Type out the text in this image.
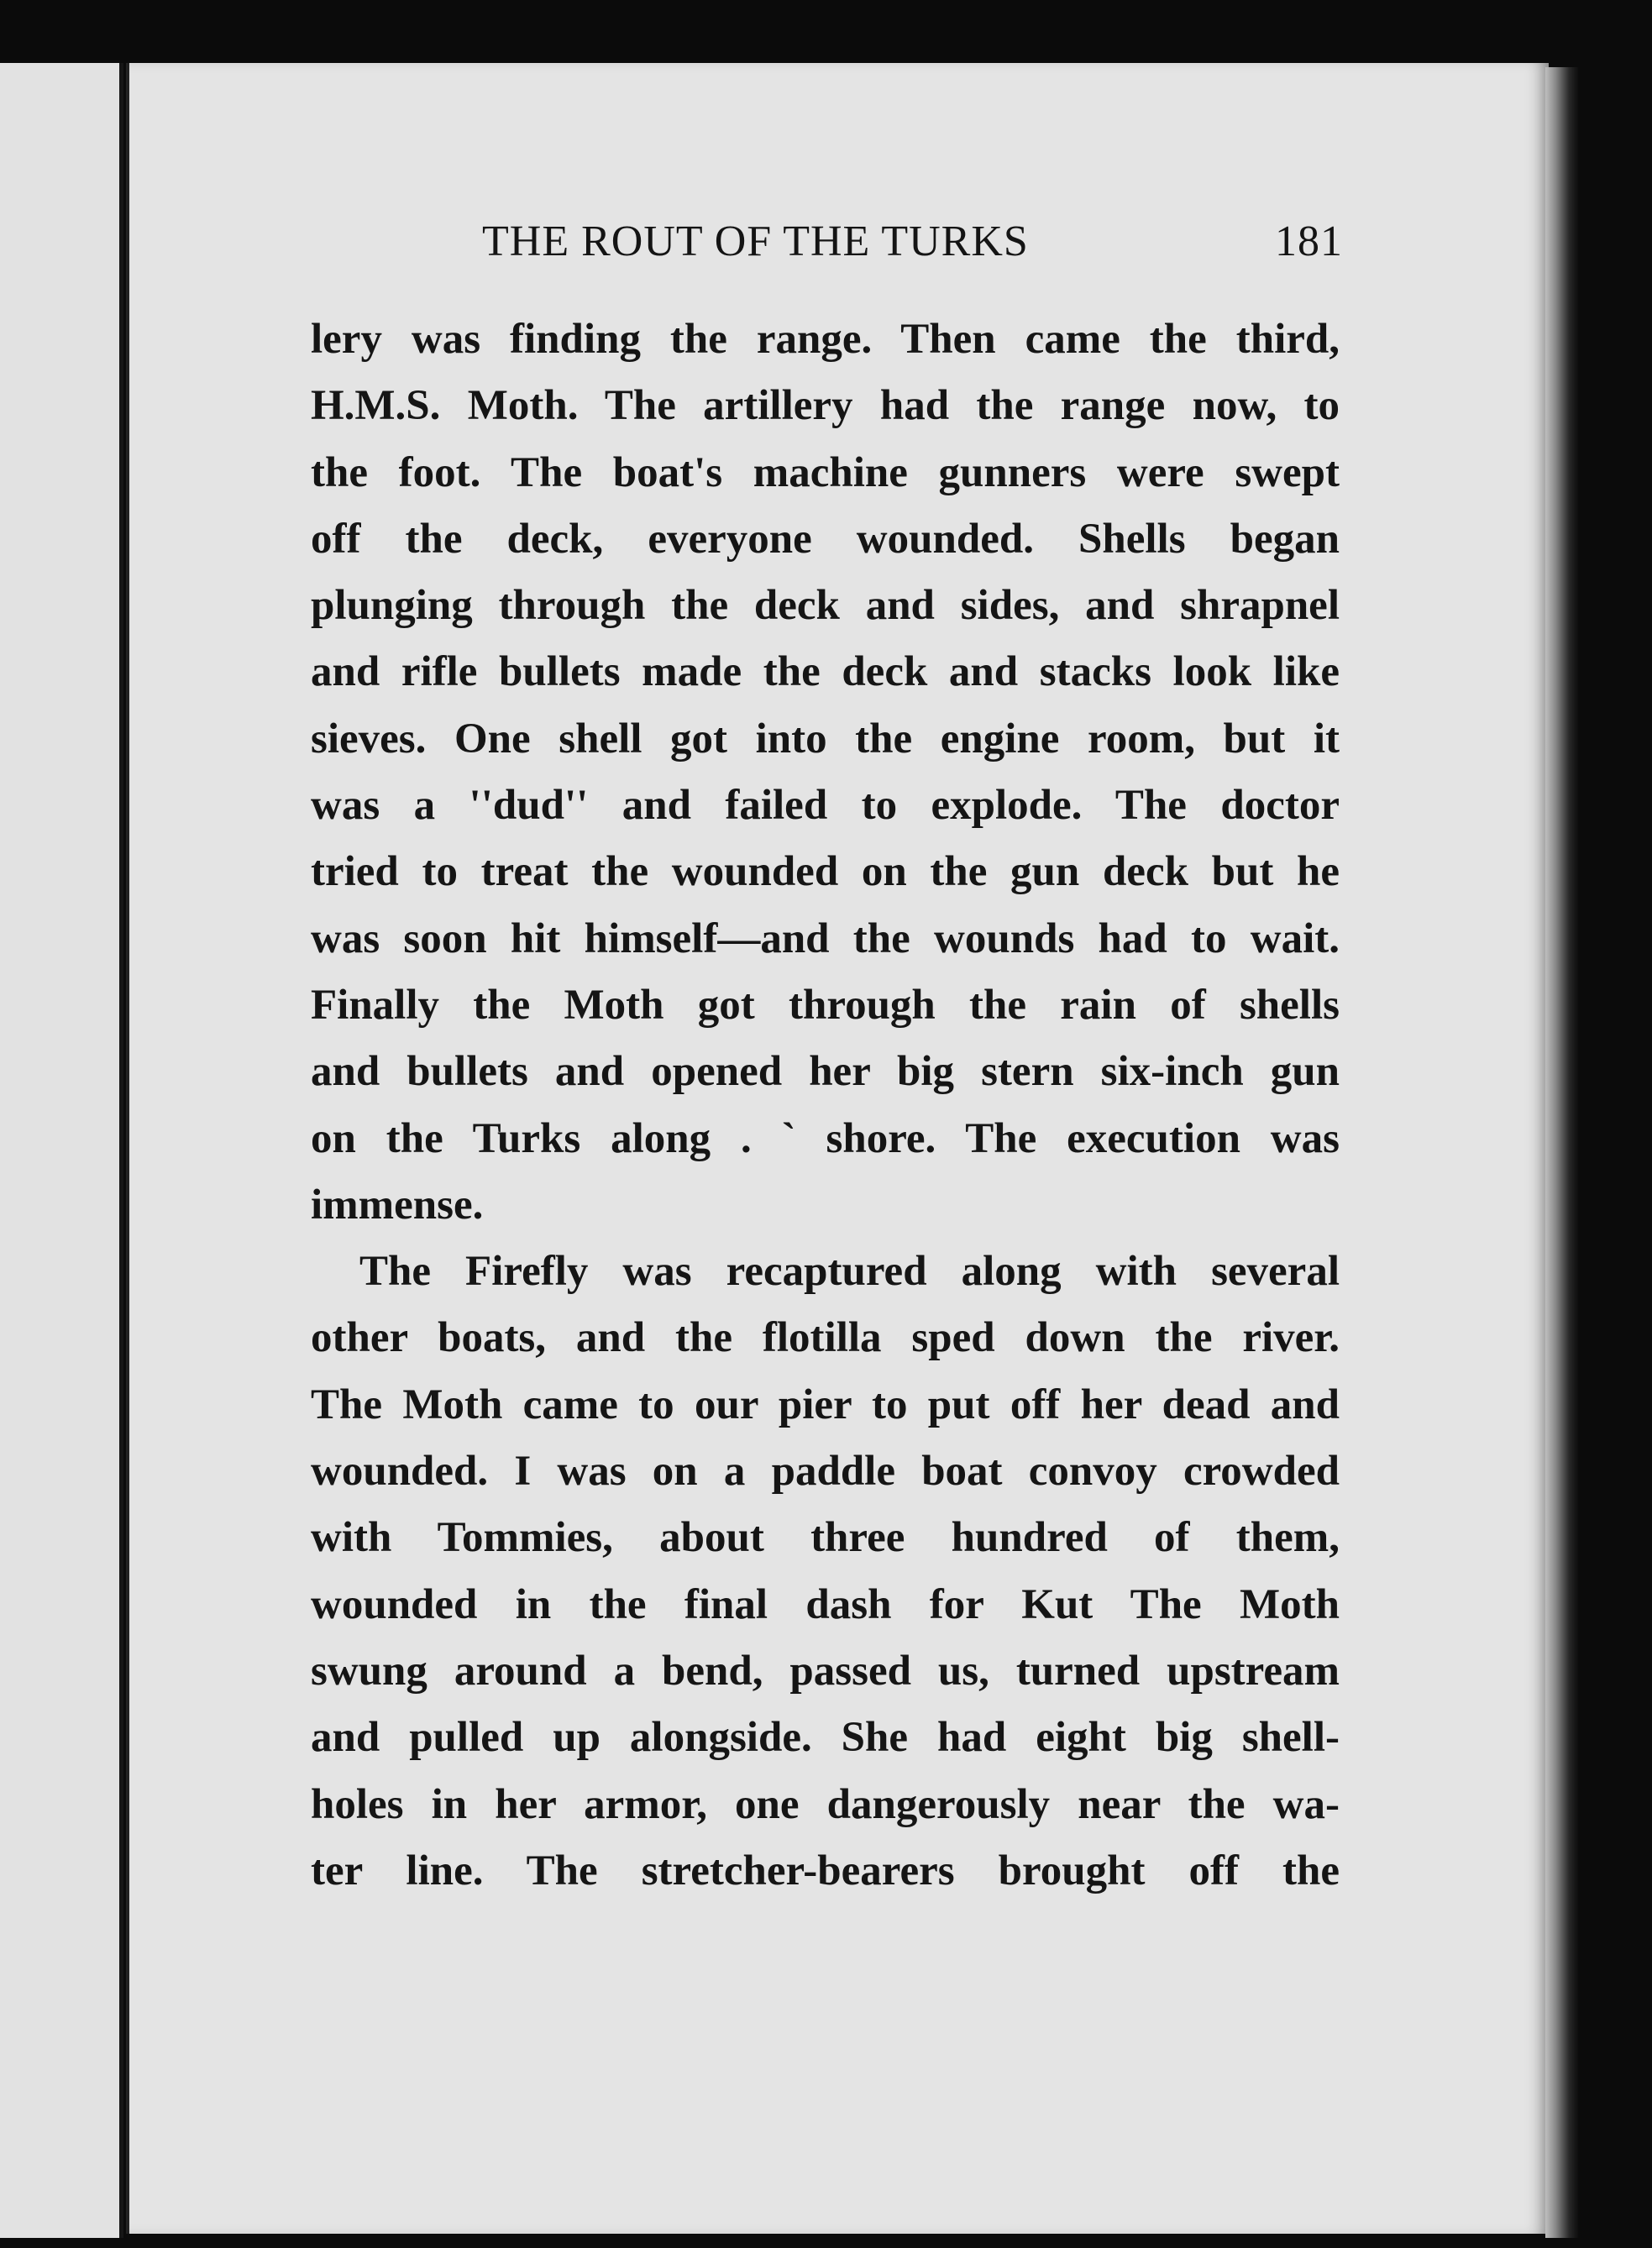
THE ROUT OF THE TURKS	181
lery was finding the range. Then came the third,
H.M.S. Moth. The artillery had the range now, to
the foot. The boat's machine gunners were swept
off the deck, everyone wounded. Shells began
plunging through the deck and sides, and shrapnel
and rifle bullets made the deck and stacks look like
sieves. One shell got into the engine room, but it
was a ''dud'' and failed to explode. The doctor
tried to treat the wounded on the gun deck but he
was soon hit himself—and the wounds had to wait.
Finally the Moth got through the rain of shells
and bullets and opened her big stern six-inch gun
on the Turks along . ` shore. The execution was
immense.
The Firefly was recaptured along with several
other boats, and the flotilla sped down the river.
The Moth came to our pier to put off her dead and
wounded. I was on a paddle boat convoy crowded
with Tommies, about three hundred of them,
wounded in the final dash for Kut The Moth
swung around a bend, passed us, turned upstream
and pulled up alongside. She had eight big shell-
holes in her armor, one dangerously near the wa-
ter line. The stretcher-bearers brought off the
